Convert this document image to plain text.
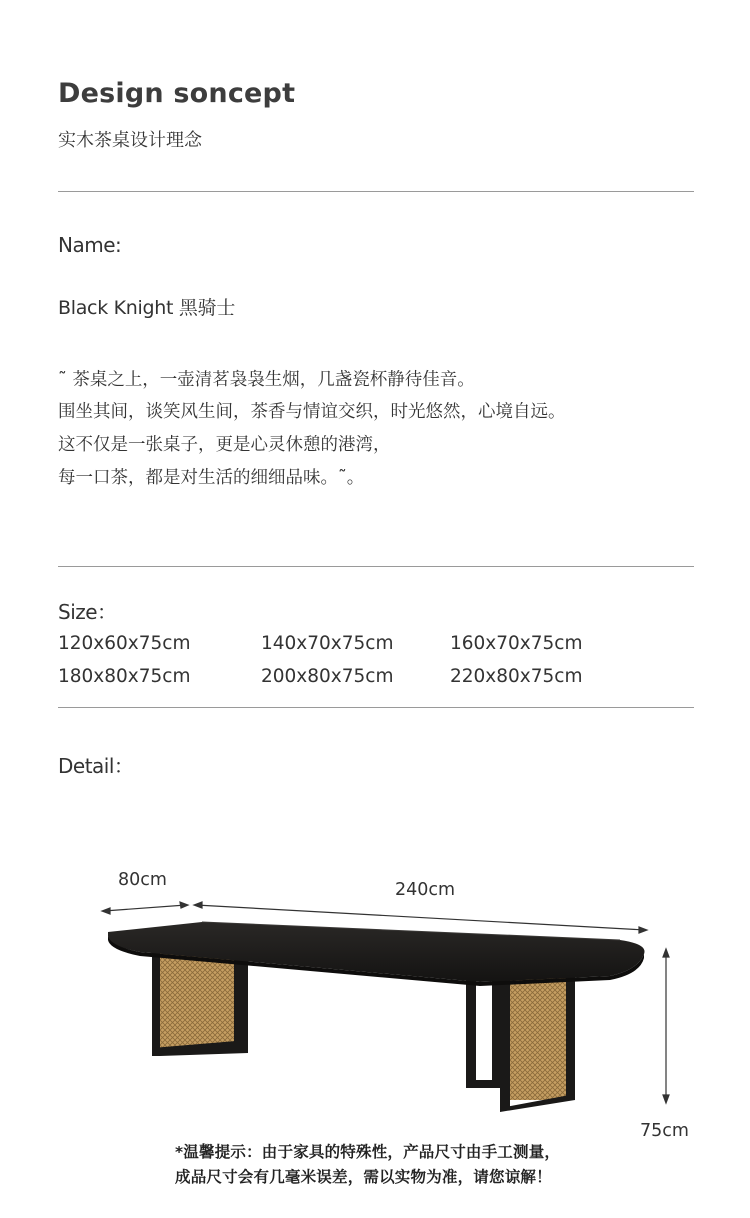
Design soncept
实木茶桌设计理念
Name:
Black Knight 黑骑士
˜ 茶桌之上，一壶清茗袅袅生烟，几盏瓷杯静待佳音。
围坐其间，谈笑风生间，茶香与情谊交织，时光悠然，心境自远。
这不仅是一张桌子，更是心灵休憩的港湾，
每一口茶，都是对生活的细细品味。˜。
Size：
120x60x75cm	140x70x75cm	160x70x75cm
180x80x75cm	200x80x75cm	220x80x75cm
Detail：
80cm	240cm
75cm
*温馨提示：由于家具的特殊性，产品尺寸由手工测量，
成品尺寸会有几毫米误差，需以实物为准，请您谅解！
